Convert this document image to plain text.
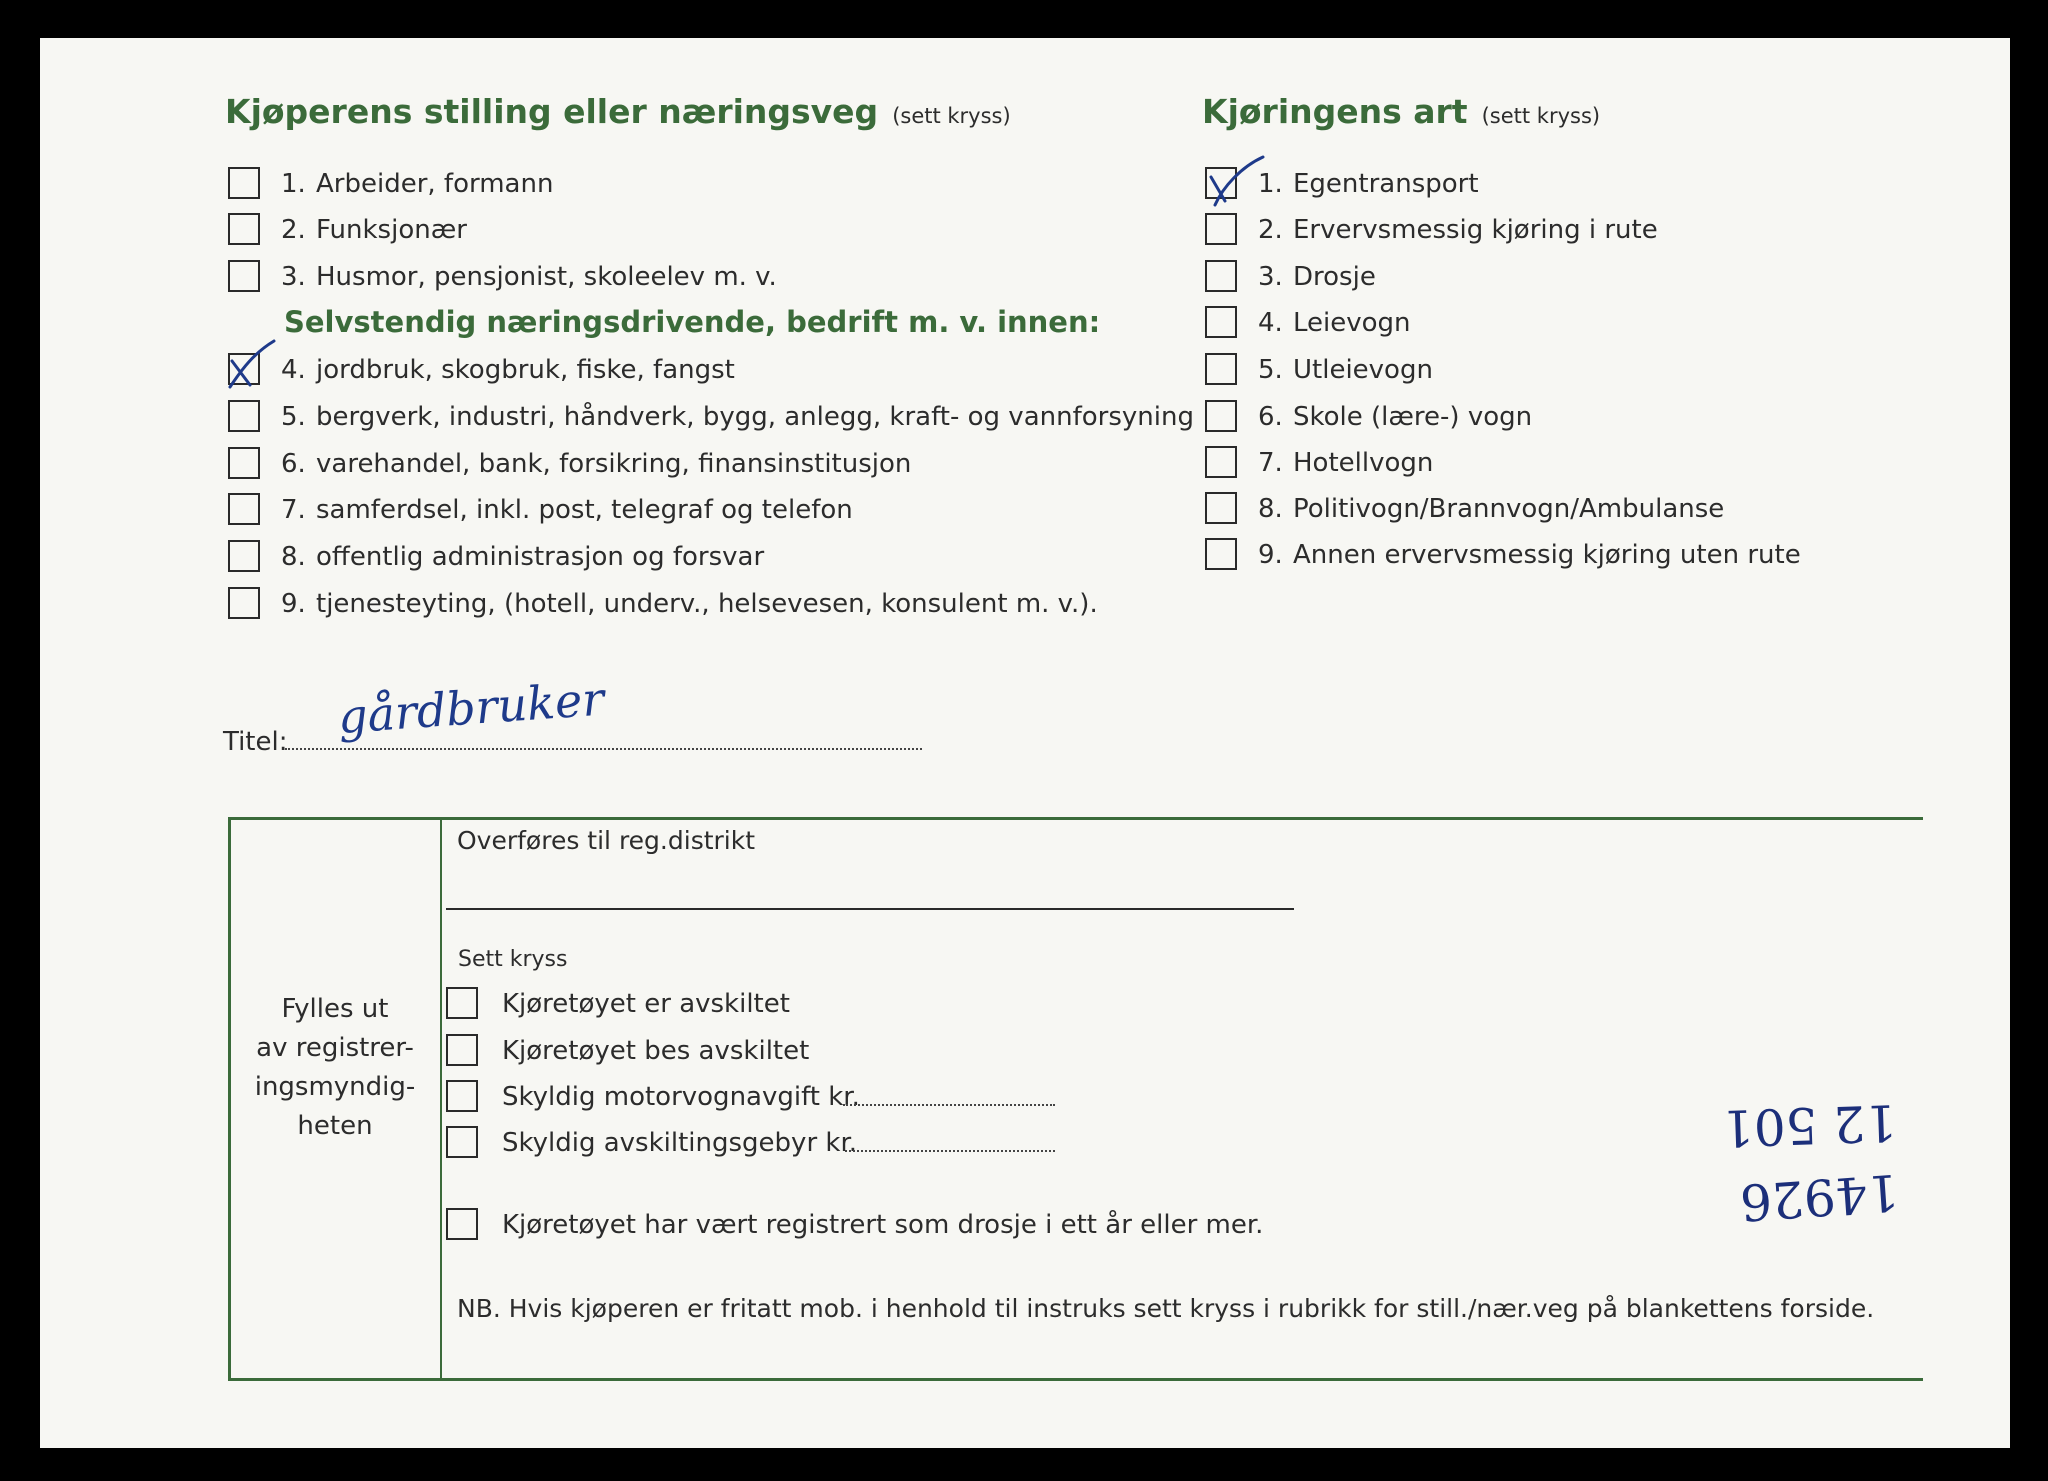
Kjøperens stilling eller næringsveg (sett kryss)	Kjøringens art (sett kryss)
1. Arbeider, formann
2. Funksjonær
3. Husmor, pensjonist, skoleelev m. v.
Selvstendig næringsdrivende, bedrift m. v. innen:
4. jordbruk, skogbruk, fiske, fangst
5. bergverk, industri, håndverk, bygg, anlegg, kraft- og vannforsyning
6. varehandel, bank, forsikring, finansinstitusjon
7. samferdsel, inkl. post, telegraf og telefon
8. offentlig administrasjon og forsvar
9. tjenesteyting, (hotell, underv., helsevesen, konsulent m. v.).
1. Egentransport
2. Ervervsmessig kjøring i rute
3. Drosje
4. Leievogn
5. Utleievogn
6. Skole (lære-) vogn
7. Hotellvogn
8. Politivogn/Brannvogn/Ambulanse
9. Annen ervervsmessig kjøring uten rute
Titel: gårdbruker
Fylles ut
av registrer-
ingsmyndig-
heten
Overføres til reg.distrikt
Sett kryss
Kjøretøyet er avskiltet
Kjøretøyet bes avskiltet
Skyldig motorvognavgift kr.
Skyldig avskiltingsgebyr kr.
Kjøretøyet har vært registrert som drosje i ett år eller mer.
NB. Hvis kjøperen er fritatt mob. i henhold til instruks sett kryss i rubrikk for still./nær.veg på blankettens forside.
12 501
14926
